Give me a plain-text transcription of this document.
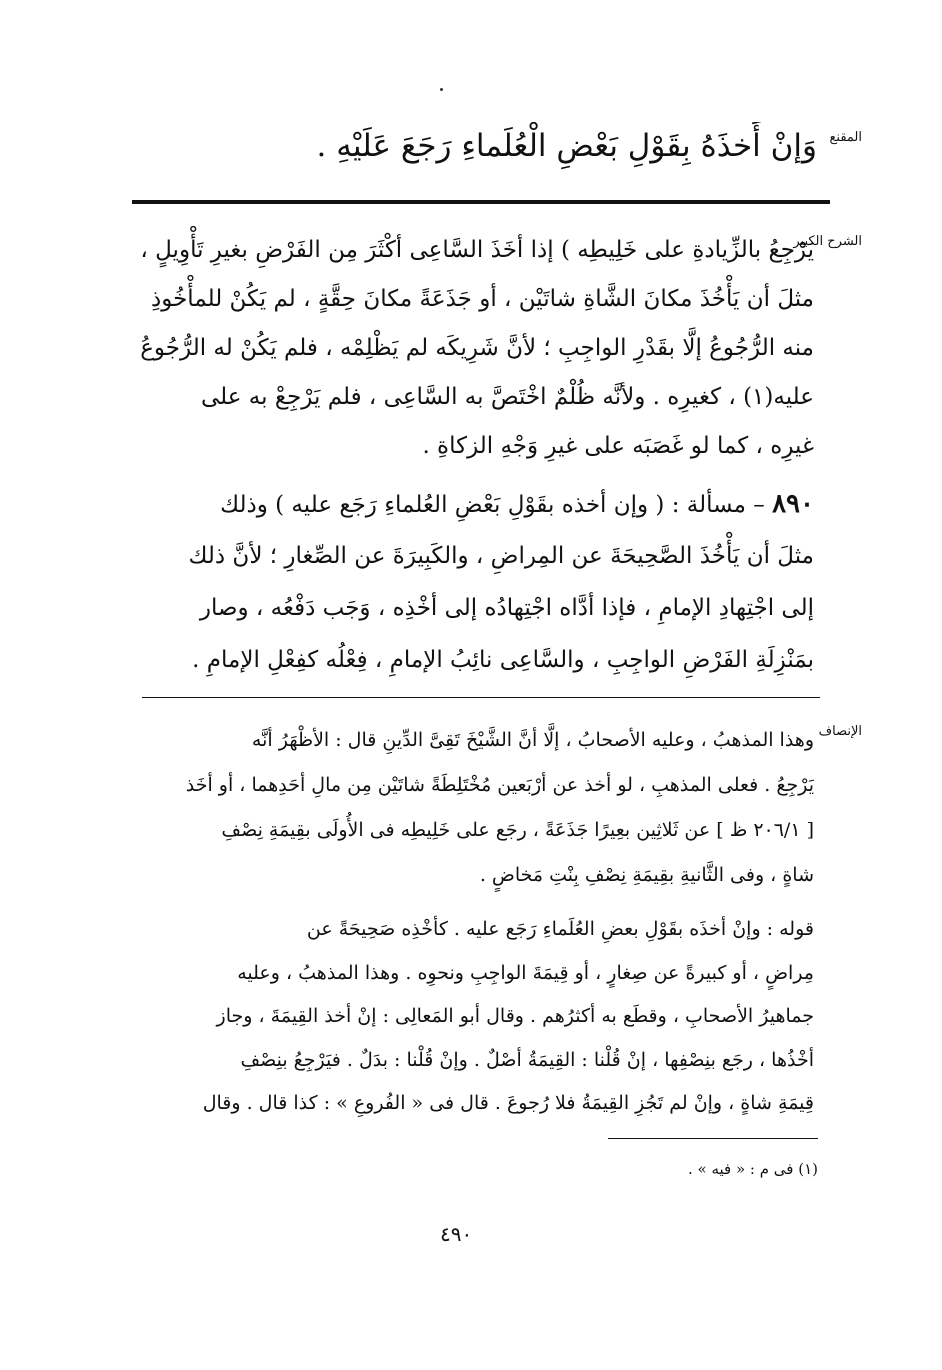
المقنع
وَإنْ أَخذَهُ بِقَوْلِ بَعْضِ الْعُلَماءِ رَجَعَ عَلَيْهِ .
الشرح الكبير
يَرْجِعُ بالزِّيادةِ على خَلِيطِه ) إذا أخَذَ السَّاعِى أكْثَرَ مِن الفَرْضِ بغيرِ تَأْوِيلٍ ،
مثلَ أن يَأْخُذَ مكانَ الشَّاةِ شاتَيْن ، أو جَذَعَةً مكانَ حِقَّةٍ ، لم يَكُنْ للمأْخُوذِ
منه الرُّجُوعُ إلَّا بقَدْرِ الواجِبِ ؛ لأنَّ شَرِيكَه لم يَظْلِمْه ، فلم يَكُنْ له الرُّجُوعُ
عليه(١) ، كغيرِه . ولأنَّه ظُلْمٌ اخْتَصَّ به السَّاعِى ، فلم يَرْجِعْ به على
غيرِه ، كما لو غَصَبَه على غيرِ وَجْهِ الزكاةِ .
٨٩٠ – مسألة : ( وإن أخذه بقَوْلِ بَعْضِ العُلماءِ رَجَع عليه ) وذلك
مثلَ أن يَأْخُذَ الصَّحِيحَةَ عن المِراضِ ، والكَبِيرَةَ عن الصِّغارِ ؛ لأنَّ ذلك
إلى اجْتِهادِ الإمامِ ، فإذا أدَّاه اجْتِهادُه إلى أخْذِه ، وَجَب دَفْعُه ، وصار
بمَنْزِلَةِ الفَرْضِ الواجِبِ ، والسَّاعِى نائِبُ الإمامِ ، فِعْلُه كفِعْلِ الإمامِ .
الإنصاف
وهذا المذهبُ ، وعليه الأصحابُ ، إلَّا أنَّ الشَّيْخَ تَقِىَّ الدِّينِ قال : الأظْهَرُ أنَّه
يَرْجِعُ . فعلى المذهبِ ، لو أخذ عن أرْبَعين مُخْتَلِطَةً شاتَيْن مِن مالِ أحَدِهما ، أو أخَذ
[ ٢٠٦/١ ظ ] عن ثَلاثِين بعِيرًا جَذَعَةً ، رجَع على خَلِيطِه فى الأُولَى بقِيمَةِ نِصْفِ
شاةٍ ، وفى الثَّانيةِ بقِيمَةِ نِصْفِ بِنْتِ مَخاضٍ .
قوله : وإنْ أخذَه بقَوْلِ بعضِ العُلَماءِ رَجَع عليه . كأخْذِه صَحِيحَةً عن
مِراضٍ ، أو كبيرةً عن صِغارٍ ، أو قِيمَةَ الواجِبِ ونحوِه . وهذا المذهبُ ، وعليه
جماهيرُ الأصحابِ ، وقطَع به أكثرُهم . وقال أبو المَعالِى : إنْ أخذ القِيمَةَ ، وجاز
أخْذُها ، رجَع بنِصْفِها ، إنْ قُلْنا : القِيمَةُ أصْلٌ . وإنْ قُلْنا : بدَلٌ . فيَرْجِعُ بنِصْفِ
قِيمَةِ شاةٍ ، وإنْ لم تَجُزِ القِيمَةُ فلا رُجوعَ . قال فى « الفُروعِ » : كذا قال . وقال
(١) فى م : « فيه » .
٤٩٠
